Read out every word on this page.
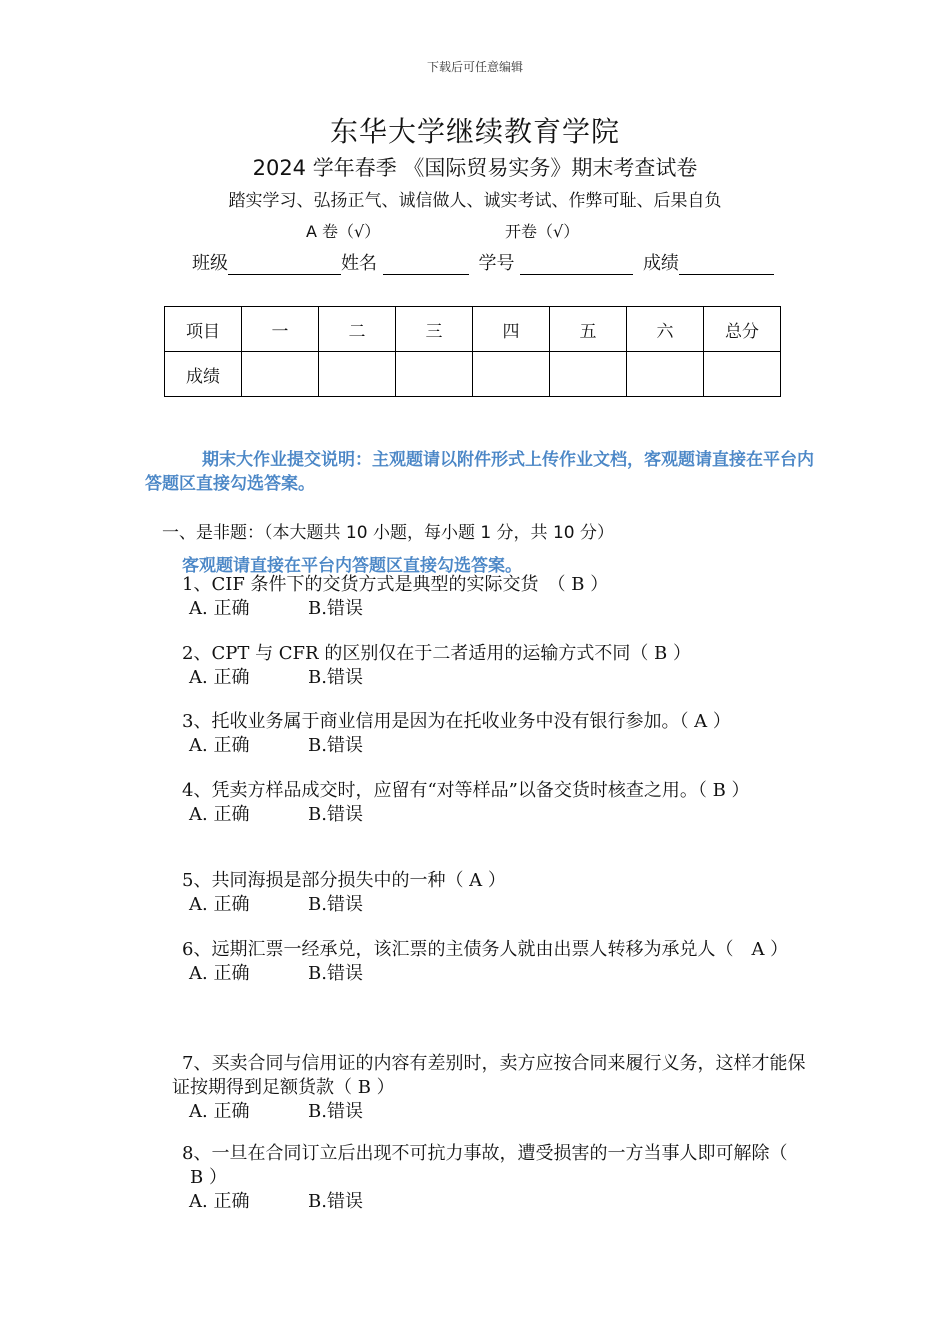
下载后可任意编辑
东华大学继续教育学院
2024 学年春季 《国际贸易实务》期末考查试卷
踏实学习、弘扬正气、诚信做人、诚实考试、作弊可耻、后果自负
A 卷（√）	开卷（√）
班级	姓名	学号	成绩
项目	一	二	三	四	五	六	总分
成绩							
期末大作业提交说明：主观题请以附件形式上传作业文档，客观题请直接在平台内答题区直接勾选答案。
一、是非题：（本大题共 10 小题，每小题 1 分，共 10 分）
客观题请直接在平台内答题区直接勾选答案。
1、CIF 条件下的交货方式是典型的实际交货　（ B ）
A. 正确	B.错误
2、CPT 与 CFR 的区别仅在于二者适用的运输方式不同（ B ）
A. 正确	B.错误
3、托收业务属于商业信用是因为在托收业务中没有银行参加。（ A ）
A. 正确	B.错误
4、凭卖方样品成交时，应留有“对等样品”以备交货时核查之用。（ B ）
A. 正确	B.错误
5、共同海损是部分损失中的一种（ A ）
A. 正确	B.错误
6、远期汇票一经承兑，该汇票的主债务人就由出票人转移为承兑人（　A ）
A. 正确	B.错误
7、买卖合同与信用证的内容有差别时，卖方应按合同来履行义务，这样才能保证按期得到足额货款（ B ）
A. 正确	B.错误
8、一旦在合同订立后出现不可抗力事故，遭受损害的一方当事人即可解除（ B ）
A. 正确	B.错误
